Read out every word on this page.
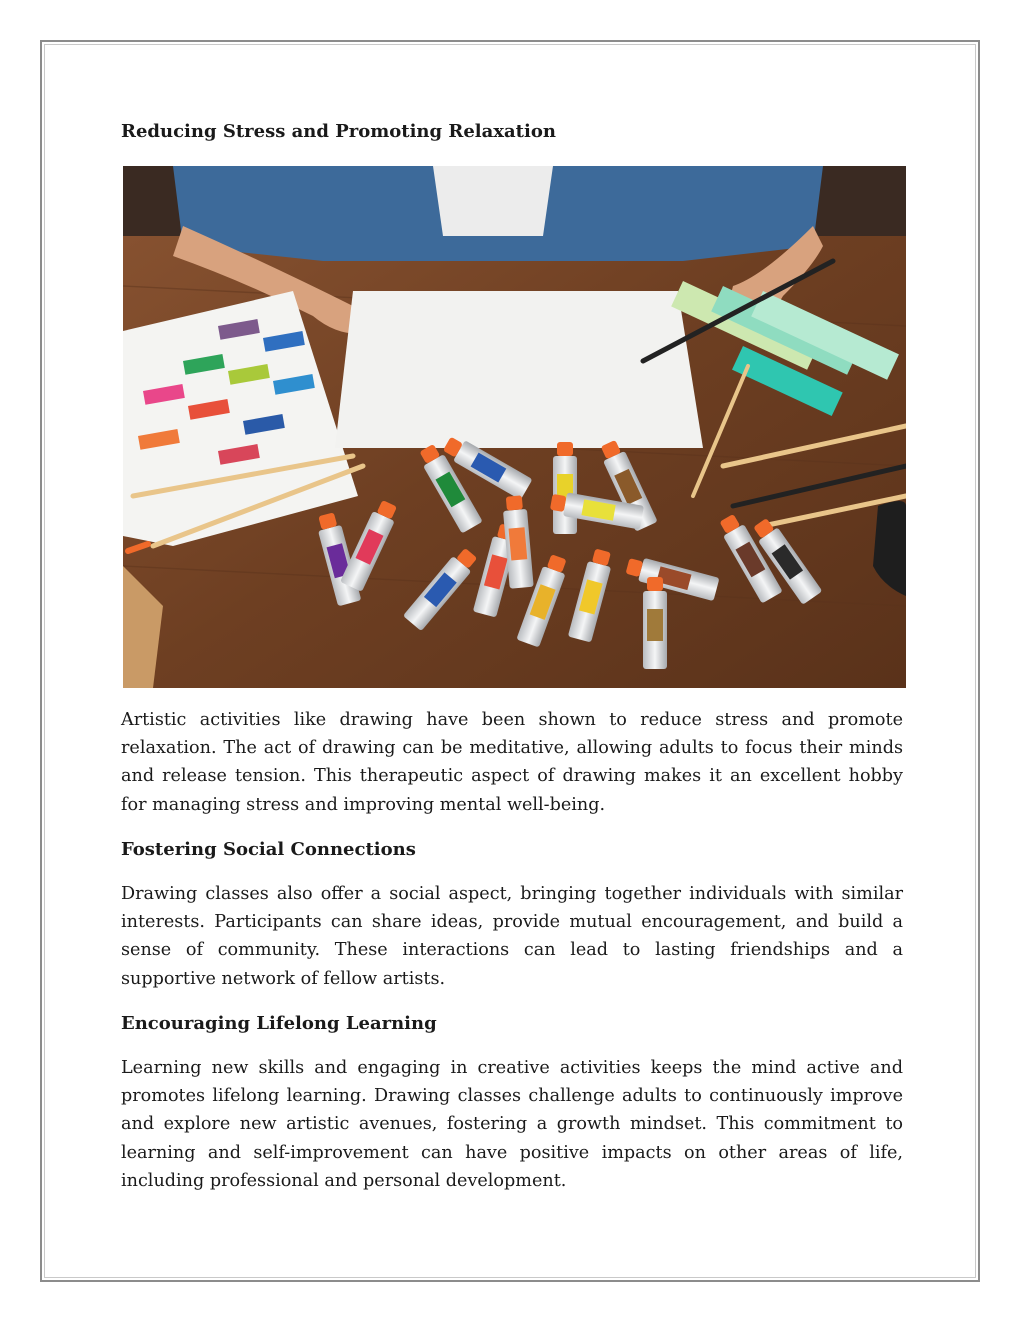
Reducing Stress and Promoting Relaxation

Artistic activities like drawing have been shown to reduce stress and promote relaxation. The act of drawing can be meditative, allowing adults to focus their minds and release tension. This therapeutic aspect of drawing makes it an excellent hobby for managing stress and improving mental well-being.

Fostering Social Connections

Drawing classes also offer a social aspect, bringing together individuals with similar interests. Participants can share ideas, provide mutual encouragement, and build a sense of community. These interactions can lead to lasting friendships and a supportive network of fellow artists.

Encouraging Lifelong Learning

Learning new skills and engaging in creative activities keeps the mind active and promotes lifelong learning. Drawing classes challenge adults to continuously improve and explore new artistic avenues, fostering a growth mindset. This commitment to learning and self-improvement can have positive impacts on other areas of life, including professional and personal development.
